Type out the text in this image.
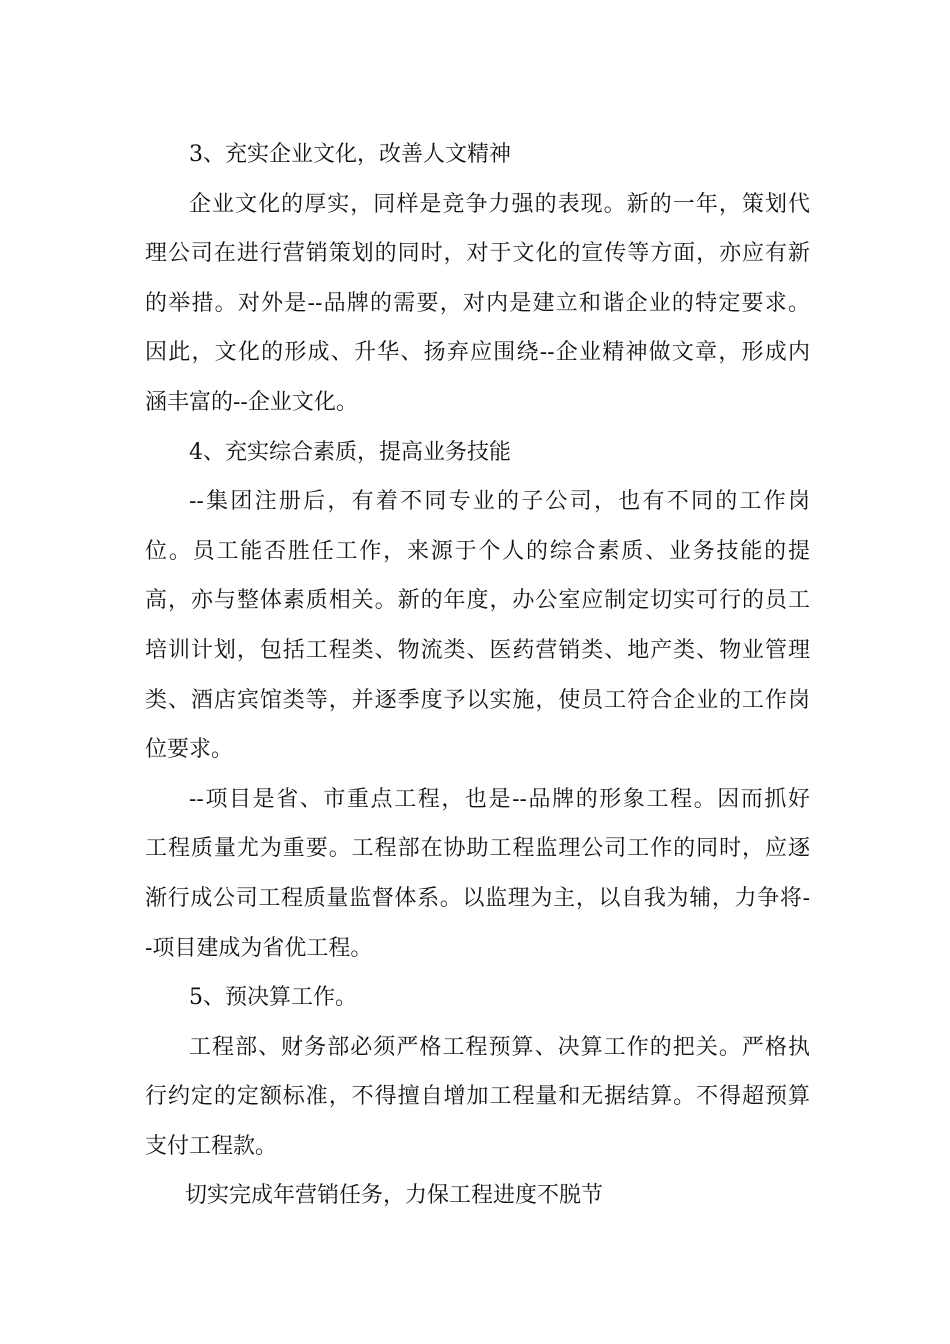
3、充实企业文化，改善人文精神
企业文化的厚实，同样是竞争力强的表现。新的一年，策划代
理公司在进行营销策划的同时，对于文化的宣传等方面，亦应有新
的举措。对外是--品牌的需要，对内是建立和谐企业的特定要求。
因此，文化的形成、升华、扬弃应围绕--企业精神做文章，形成内
涵丰富的--企业文化。
4、充实综合素质，提高业务技能
--集团注册后，有着不同专业的子公司，也有不同的工作岗
位。员工能否胜任工作，来源于个人的综合素质、业务技能的提
高，亦与整体素质相关。新的年度，办公室应制定切实可行的员工
培训计划，包括工程类、物流类、医药营销类、地产类、物业管理
类、酒店宾馆类等，并逐季度予以实施，使员工符合企业的工作岗
位要求。
--项目是省、市重点工程，也是--品牌的形象工程。因而抓好
工程质量尤为重要。工程部在协助工程监理公司工作的同时，应逐
渐行成公司工程质量监督体系。以监理为主，以自我为辅，力争将-
-项目建成为省优工程。
5、预决算工作。
工程部、财务部必须严格工程预算、决算工作的把关。严格执
行约定的定额标准，不得擅自增加工程量和无据结算。不得超预算
支付工程款。
切实完成年营销任务，力保工程进度不脱节
